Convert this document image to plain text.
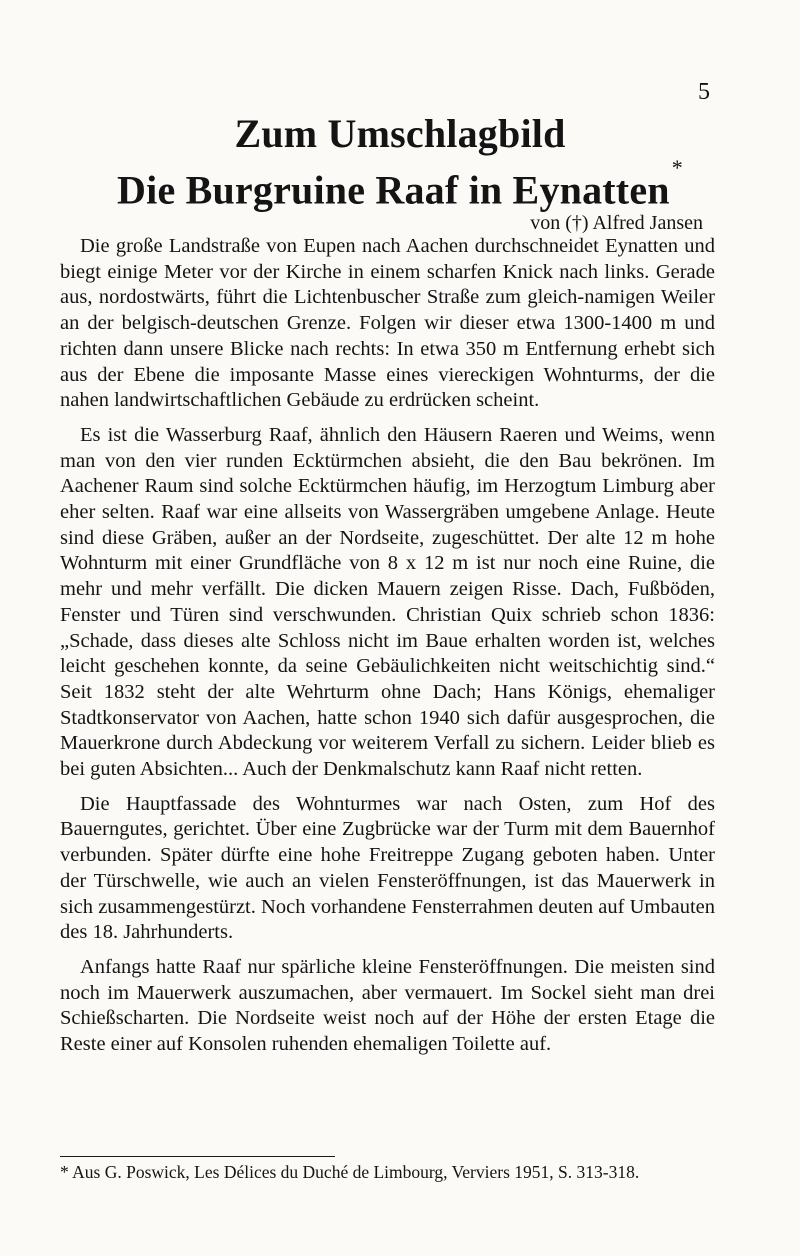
5
Zum Umschlagbild
Die Burgruine Raaf in Eynatten*
von (†) Alfred Jansen

Die große Landstraße von Eupen nach Aachen durchschneidet Eynatten und biegt einige Meter vor der Kirche in einem scharfen Knick nach links. Gerade aus, nordostwärts, führt die Lichtenbuscher Straße zum gleich-namigen Weiler an der belgisch-deutschen Grenze. Folgen wir dieser etwa 1300-1400 m und richten dann unsere Blicke nach rechts: In etwa 350 m Entfernung erhebt sich aus der Ebene die imposante Masse eines viereckigen Wohnturms, der die nahen landwirtschaftlichen Gebäude zu erdrücken scheint.

Es ist die Wasserburg Raaf, ähnlich den Häusern Raeren und Weims, wenn man von den vier runden Ecktürmchen absieht, die den Bau bekrönen. Im Aachener Raum sind solche Ecktürmchen häufig, im Herzogtum Limburg aber eher selten. Raaf war eine allseits von Wassergräben umgebene Anlage. Heute sind diese Gräben, außer an der Nordseite, zugeschüttet. Der alte 12 m hohe Wohnturm mit einer Grundfläche von 8 x 12 m ist nur noch eine Ruine, die mehr und mehr verfällt. Die dicken Mauern zeigen Risse. Dach, Fußböden, Fenster und Türen sind verschwunden. Christian Quix schrieb schon 1836: „Schade, dass dieses alte Schloss nicht im Baue erhalten worden ist, welches leicht geschehen konnte, da seine Gebäulichkeiten nicht weitschichtig sind.“ Seit 1832 steht der alte Wehrturm ohne Dach; Hans Königs, ehemaliger Stadtkonservator von Aachen, hatte schon 1940 sich dafür ausgesprochen, die Mauerkrone durch Abdeckung vor weiterem Verfall zu sichern. Leider blieb es bei guten Absichten... Auch der Denkmalschutz kann Raaf nicht retten.

Die Hauptfassade des Wohnturmes war nach Osten, zum Hof des Bauerngutes, gerichtet. Über eine Zugbrücke war der Turm mit dem Bauernhof verbunden. Später dürfte eine hohe Freitreppe Zugang geboten haben. Unter der Türschwelle, wie auch an vielen Fensteröffnungen, ist das Mauerwerk in sich zusammengestürzt. Noch vorhandene Fensterrahmen deuten auf Umbauten des 18. Jahrhunderts.

Anfangs hatte Raaf nur spärliche kleine Fensteröffnungen. Die meisten sind noch im Mauerwerk auszumachen, aber vermauert. Im Sockel sieht man drei Schießscharten. Die Nordseite weist noch auf der Höhe der ersten Etage die Reste einer auf Konsolen ruhenden ehemaligen Toilette auf.

* Aus G. Poswick, Les Délices du Duché de Limbourg, Verviers 1951, S. 313-318.
